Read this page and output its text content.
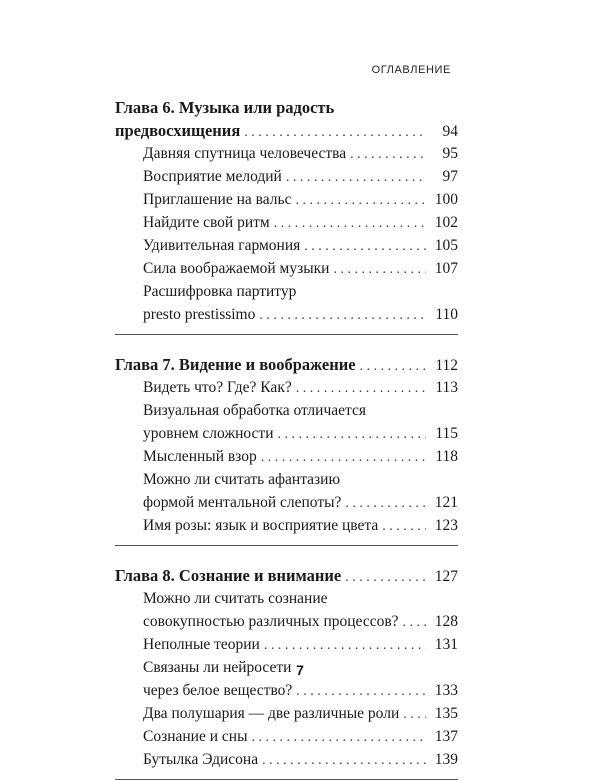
ОГЛАВЛЕНИЕ
Глава 6. Музыка или радость
предвосхищения . . .	94
Давняя спутница человечества . . .	95
Восприятие мелодий . . .	97
Приглашение на вальс . . .	100
Найдите свой ритм . . .	102
Удивительная гармония . . .	105
Сила воображаемой музыки . . .	107
Расшифровка партитур
presto prestissimo . . .	110
Глава 7. Видение и воображение . . .	112
Видеть что? Где? Как? . . .	113
Визуальная обработка отличается
уровнем сложности . . .	115
Мысленный взор . . .	118
Можно ли считать афантазию
формой ментальной слепоты? . . .	121
Имя розы: язык и восприятие цвета . . .	123
Глава 8. Сознание и внимание . . .	127
Можно ли считать сознание
совокупностью различных процессов? . . .	128
Неполные теории . . .	131
Связаны ли нейросети
через белое вещество? . . .	133
Два полушария — две различные роли . . .	135
Сознание и сны . . .	137
Бутылка Эдисона . . .	139
7
